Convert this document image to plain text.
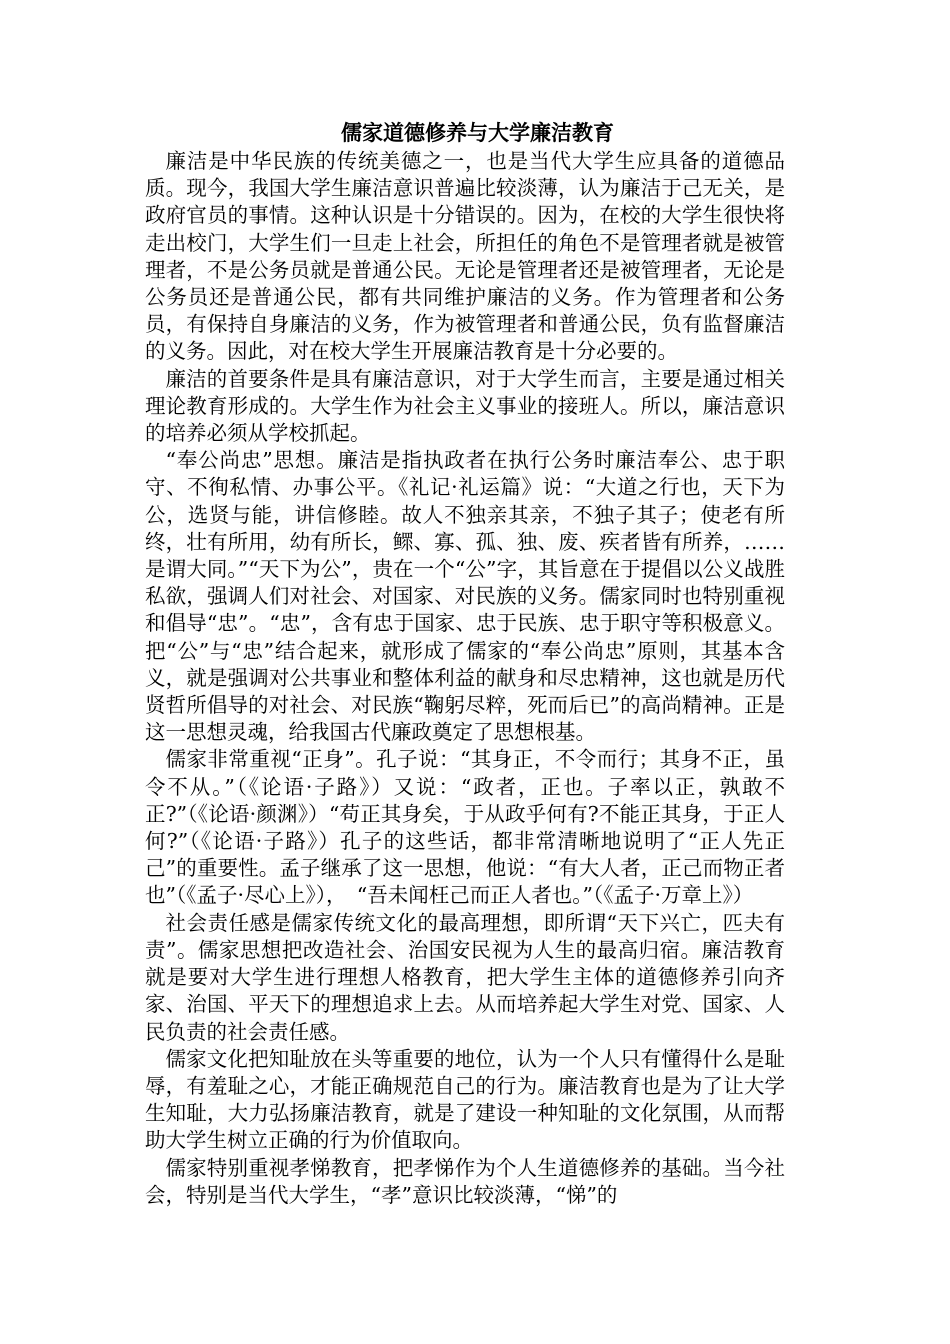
儒家道德修养与大学廉洁教育

廉洁是中华民族的传统美德之一，也是当代大学生应具备的道德品质。现今，我国大学生廉洁意识普遍比较淡薄，认为廉洁于己无关，是政府官员的事情。这种认识是十分错误的。因为，在校的大学生很快将走出校门，大学生们一旦走上社会，所担任的角色不是管理者就是被管理者，不是公务员就是普通公民。无论是管理者还是被管理者，无论是公务员还是普通公民，都有共同维护廉洁的义务。作为管理者和公务员，有保持自身廉洁的义务，作为被管理者和普通公民，负有监督廉洁的义务。因此，对在校大学生开展廉洁教育是十分必要的。

廉洁的首要条件是具有廉洁意识，对于大学生而言，主要是通过相关理论教育形成的。大学生作为社会主义事业的接班人。所以，廉洁意识的培养必须从学校抓起。

“奉公尚忠”思想。廉洁是指执政者在执行公务时廉洁奉公、忠于职守、不徇私情、办事公平。《礼记·礼运篇》说：“大道之行也，天下为公，选贤与能，讲信修睦。故人不独亲其亲，不独子其子；使老有所终，壮有所用，幼有所长，鳏、寡、孤、独、废、疾者皆有所养，……是谓大同。”“天下为公”，贵在一个“公”字，其旨意在于提倡以公义战胜私欲，强调人们对社会、对国家、对民族的义务。儒家同时也特别重视和倡导“忠”。“忠”，含有忠于国家、忠于民族、忠于职守等积极意义。把“公”与“忠”结合起来，就形成了儒家的“奉公尚忠”原则，其基本含义，就是强调对公共事业和整体利益的献身和尽忠精神，这也就是历代贤哲所倡导的对社会、对民族“鞠躬尽粹，死而后已”的高尚精神。正是这一思想灵魂，给我国古代廉政奠定了思想根基。

儒家非常重视“正身”。孔子说：“其身正，不令而行；其身不正，虽令不从。”（《论语·子路》）又说：“政者，正也。子率以正，孰敢不正?”（《论语·颜渊》）“苟正其身矣，于从政乎何有?不能正其身，于正人何?”（《论语·子路》）孔子的这些话，都非常清晰地说明了“正人先正己”的重要性。孟子继承了这一思想，他说：“有大人者，正己而物正者也”（《孟子·尽心上》），　“吾未闻枉己而正人者也。”（《孟子·万章上》）

社会责任感是儒家传统文化的最高理想，即所谓“天下兴亡，匹夫有责”。儒家思想把改造社会、治国安民视为人生的最高归宿。廉洁教育就是要对大学生进行理想人格教育，把大学生主体的道德修养引向齐家、治国、平天下的理想追求上去。从而培养起大学生对党、国家、人民负责的社会责任感。

儒家文化把知耻放在头等重要的地位，认为一个人只有懂得什么是耻辱，有羞耻之心，才能正确规范自己的行为。廉洁教育也是为了让大学生知耻，大力弘扬廉洁教育，就是了建设一种知耻的文化氛围，从而帮助大学生树立正确的行为价值取向。

儒家特别重视孝悌教育，把孝悌作为个人生道德修养的基础。当今社会，特别是当代大学生，“孝”意识比较淡薄，“悌”的
